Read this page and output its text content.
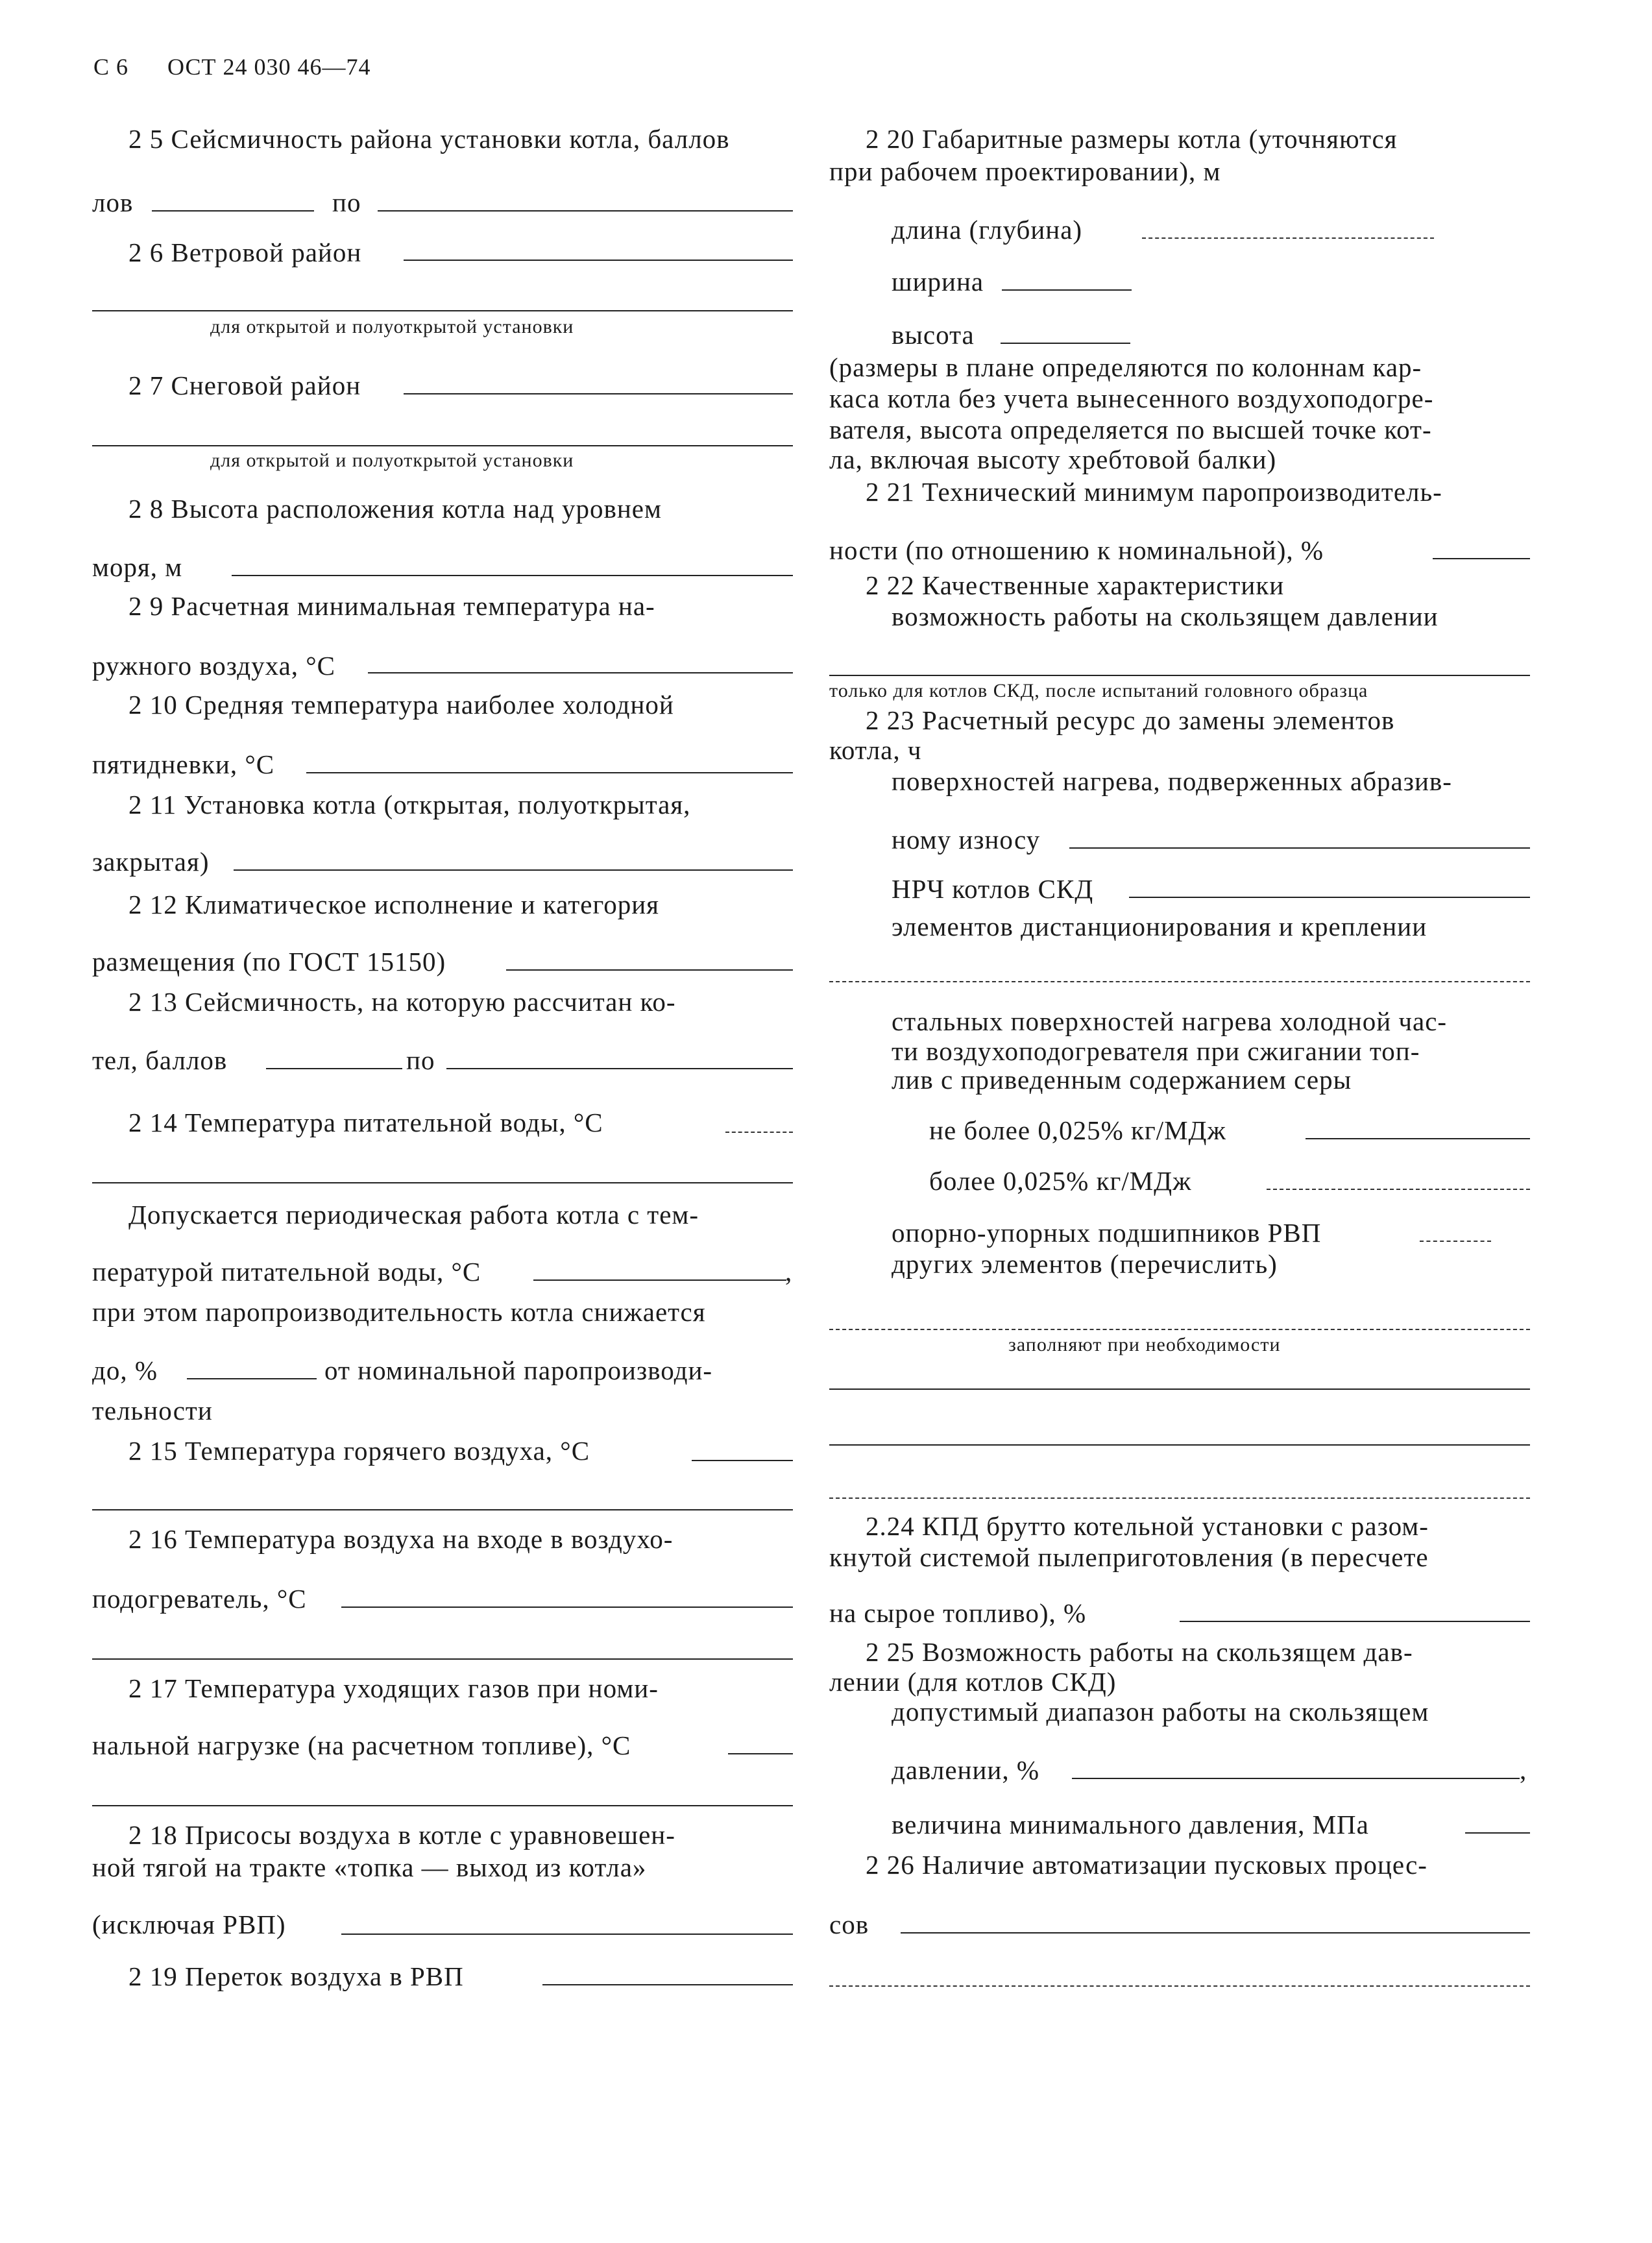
С 6 ОСТ 24 030 46—74
2 5 Сейсмичность района установки котла, баллов
лов	по
2 6 Ветровой район
для открытой и полуоткрытой установки
2 7 Снеговой район
для открытой и полуоткрытой установки
2 8 Высота расположения котла над уровнем
моря, м
2 9 Расчетная минимальная температура на-
ружного воздуха, °С
2 10 Средняя температура наиболее холодной
пятидневки, °С
2 11 Установка котла (открытая, полуоткрытая,
закрытая)
2 12 Климатическое исполнение и категория
размещения (по ГОСТ 15150)
2 13 Сейсмичность, на которую рассчитан ко-
тел, баллов	по
2 14 Температура питательной воды, °С
Допускается периодическая работа котла с тем-
пературой питательной воды, °С	,
при этом паропроизводительность котла снижается
до, %	от номинальной паропроизводи-
тельности
2 15 Температура горячего воздуха, °С
2 16 Температура воздуха на входе в воздухо-
подогреватель, °С
2 17 Температура уходящих газов при номи-
нальной нагрузке (на расчетном топливе), °С
2 18 Присосы воздуха в котле с уравновешен-
ной тягой на тракте «топка — выход из котла»
(исключая РВП)
2 19 Переток воздуха в РВП
2 20 Габаритные размеры котла (уточняются
при рабочем проектировании), м
длина (глубина)
ширина
высота
(размеры в плане определяются по колоннам кар-
каса котла без учета вынесенного воздухоподогре-
вателя, высота определяется по высшей точке кот-
ла, включая высоту хребтовой балки)
2 21 Технический минимум паропроизводитель-
ности (по отношению к номинальной), %
2 22 Качественные характеристики
возможность работы на скользящем давлении
только для котлов СКД, после испытаний головного образца
2 23 Расчетный ресурс до замены элементов
котла, ч
поверхностей нагрева, подверженных абразив-
ному износу
НРЧ котлов СКД
элементов дистанционирования и креплении
стальных поверхностей нагрева холодной час-
ти воздухоподогревателя при сжигании топ-
лив с приведенным содержанием серы
не более 0,025% кг/МДж
более 0,025% кг/МДж
опорно-упорных подшипников РВП
других элементов (перечислить)
заполняют при необходимости
2.24 КПД брутто котельной установки с разом-
кнутой системой пылеприготовления (в пересчете
на сырое топливо), %
2 25 Возможность работы на скользящем дав-
лении (для котлов СКД)
допустимый диапазон работы на скользящем
давлении, %	,
величина минимального давления, МПа
2 26 Наличие автоматизации пусковых процес-
сов
